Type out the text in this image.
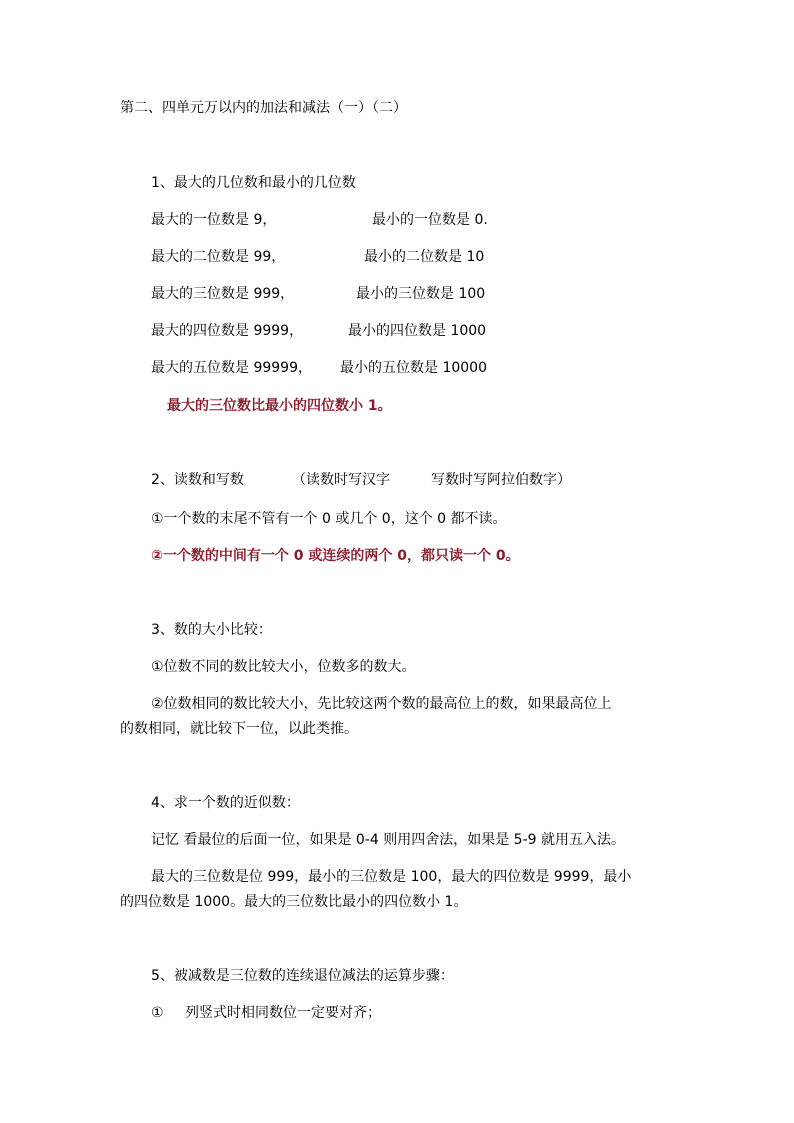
第二、四单元万以内的加法和减法（一）（二）
1、最大的几位数和最小的几位数
最大的一位数是 9，	最小的一位数是 0.
最大的二位数是 99，	最小的二位数是 10
最大的三位数是 999，	最小的三位数是 100
最大的四位数是 9999，	最小的四位数是 1000
最大的五位数是 99999， 最小的五位数是 10000
最大的三位数比最小的四位数小 1。
2、读数和写数	（读数时写汉字	写数时写阿拉伯数字）
①一个数的末尾不管有一个 0 或几个 0，这个 0 都不读。
②一个数的中间有一个 0 或连续的两个 0，都只读一个 0。
3、数的大小比较：
①位数不同的数比较大小，位数多的数大。
②位数相同的数比较大小，先比较这两个数的最高位上的数，如果最高位上
的数相同，就比较下一位，以此类推。
4、求一个数的近似数：
记忆 看最位的后面一位，如果是 0-4 则用四舍法，如果是 5-9 就用五入法。
最大的三位数是位 999，最小的三位数是 100，最大的四位数是 9999，最小
的四位数是 1000。最大的三位数比最小的四位数小 1。
5、被减数是三位数的连续退位减法的运算步骤：
① 列竖式时相同数位一定要对齐；
